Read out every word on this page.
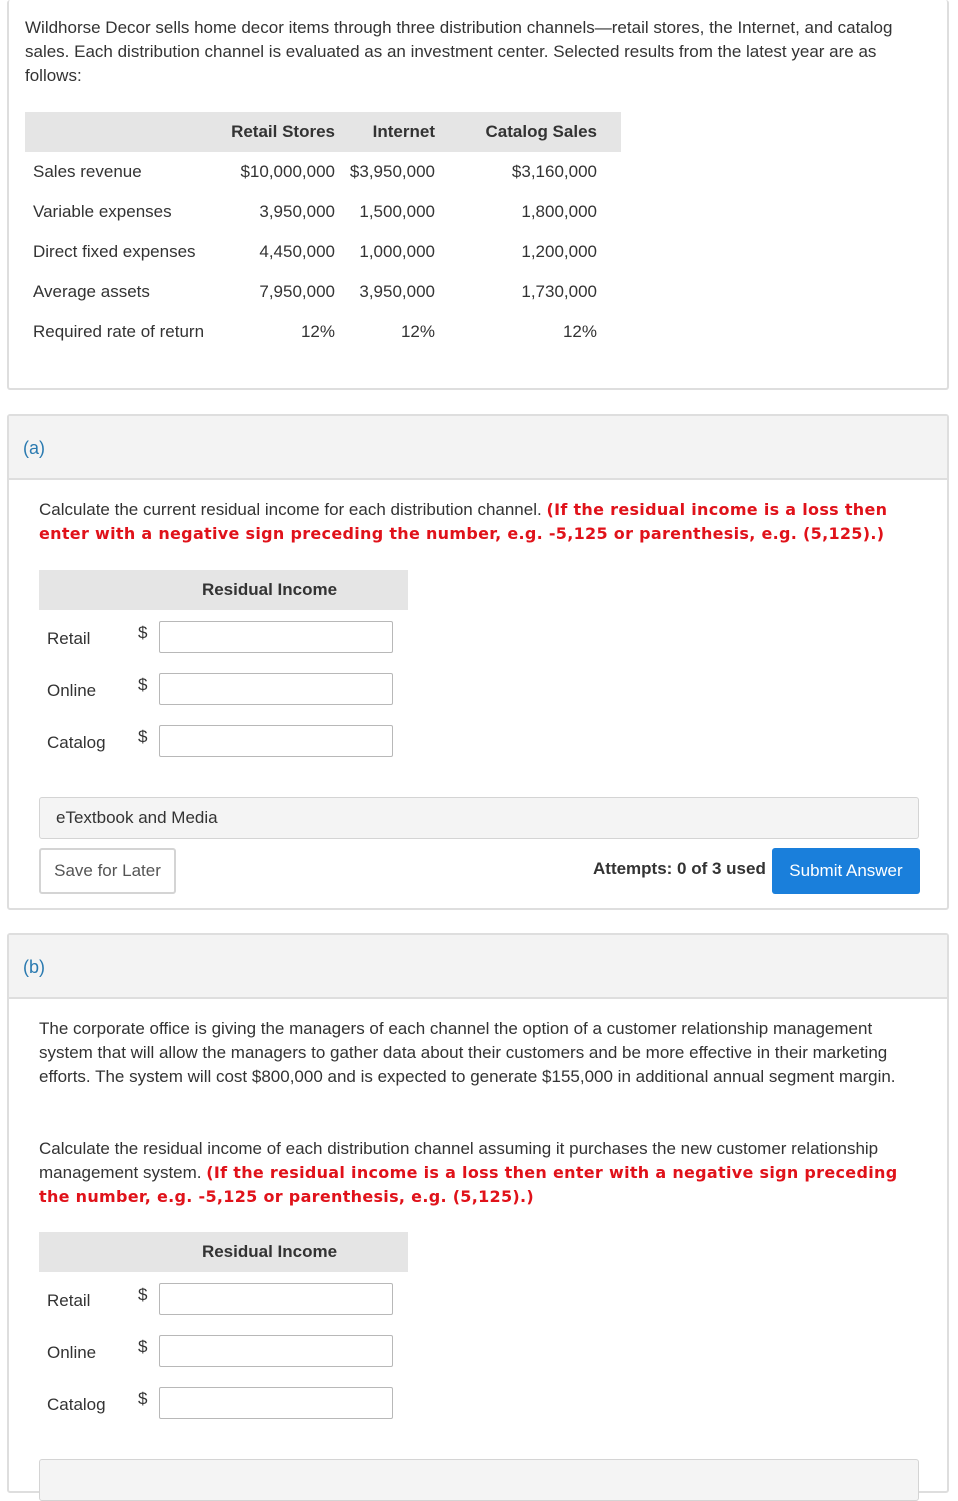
Wildhorse Decor sells home decor items through three distribution channels—retail stores, the Internet, and catalog sales. Each distribution channel is evaluated as an investment center. Selected results from the latest year are as follows:
	Retail Stores	Internet	Catalog Sales
Sales revenue	$10,000,000	$3,950,000	$3,160,000
Variable expenses	3,950,000	1,500,000	1,800,000
Direct fixed expenses	4,450,000	1,000,000	1,200,000
Average assets	7,950,000	3,950,000	1,730,000
Required rate of return	12%	12%	12%
(a)
Calculate the current residual income for each distribution channel. (If the residual income is a loss then enter with a negative sign preceding the number, e.g. -5,125 or parenthesis, e.g. (5,125).)
Residual Income
Retail	$
Online $
Catalog $
eTextbook and Media
Save for Later	Attempts: 0 of 3 used	Submit Answer
(b)
The corporate office is giving the managers of each channel the option of a customer relationship management system that will allow the managers to gather data about their customers and be more effective in their marketing efforts. The system will cost $800,000 and is expected to generate $155,000 in additional annual segment margin.
Calculate the residual income of each distribution channel assuming it purchases the new customer relationship management system. (If the residual income is a loss then enter with a negative sign preceding the number, e.g. -5,125 or parenthesis, e.g. (5,125).)
Residual Income
Retail	$
Online $
Catalog $
